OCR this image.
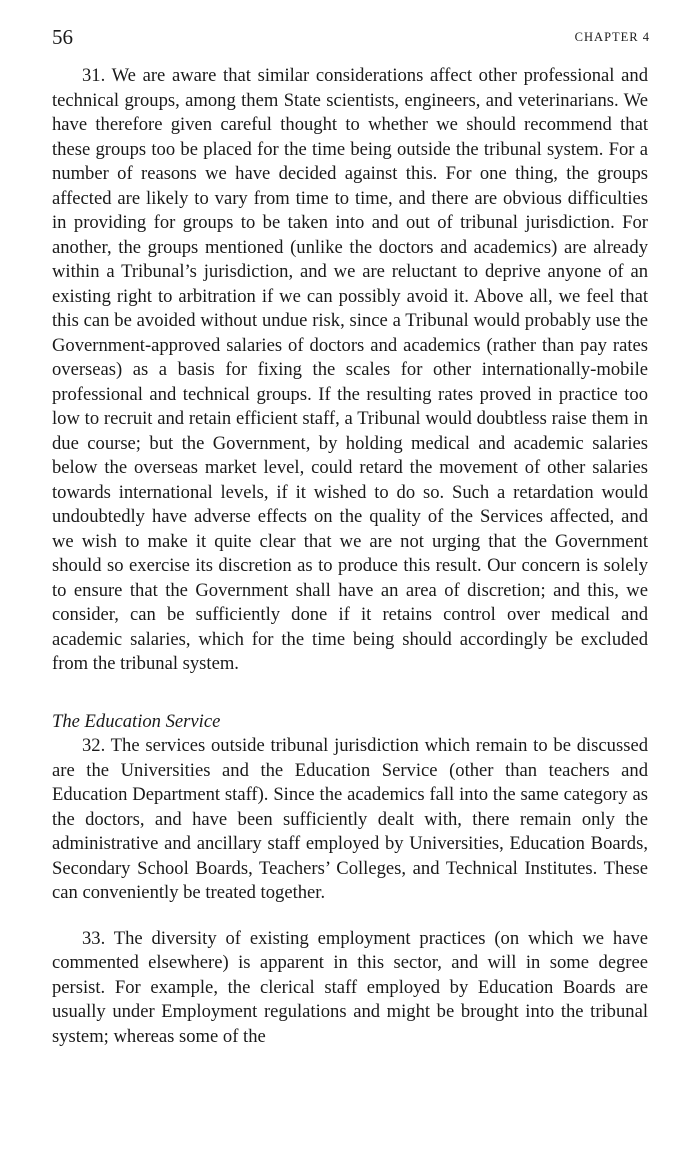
56	CHAPTER 4

31. We are aware that similar considerations affect other professional and technical groups, among them State scientists, engineers, and veterinarians. We have therefore given careful thought to whether we should recommend that these groups too be placed for the time being outside the tribunal system. For a number of reasons we have decided against this. For one thing, the groups affected are likely to vary from time to time, and there are obvious difficulties in providing for groups to be taken into and out of tribunal jurisdiction. For another, the groups mentioned (unlike the doctors and academics) are already within a Tribunal’s jurisdiction, and we are reluctant to deprive anyone of an existing right to arbitration if we can possibly avoid it. Above all, we feel that this can be avoided without undue risk, since a Tribunal would probably use the Government-approved salaries of doctors and academics (rather than pay rates overseas) as a basis for fixing the scales for other internationally-mobile professional and technical groups. If the resulting rates proved in practice too low to recruit and retain efficient staff, a Tribunal would doubtless raise them in due course; but the Government, by holding medical and academic salaries below the overseas market level, could retard the movement of other salaries towards international levels, if it wished to do so. Such a retardation would undoubtedly have adverse effects on the quality of the Services affected, and we wish to make it quite clear that we are not urging that the Government should so exercise its discretion as to produce this result. Our concern is solely to ensure that the Government shall have an area of discretion; and this, we consider, can be sufficiently done if it retains control over medical and academic salaries, which for the time being should accordingly be excluded from the tribunal system.

The Education Service

32. The services outside tribunal jurisdiction which remain to be discussed are the Universities and the Education Service (other than teachers and Education Department staff). Since the academics fall into the same category as the doctors, and have been sufficiently dealt with, there remain only the administrative and ancillary staff employed by Universities, Education Boards, Secondary School Boards, Teachers’ Colleges, and Technical Institutes. These can conveniently be treated together.

33. The diversity of existing employment practices (on which we have commented elsewhere) is apparent in this sector, and will in some degree persist. For example, the clerical staff employed by Education Boards are usually under Employment regulations and might be brought into the tribunal system; whereas some of the
